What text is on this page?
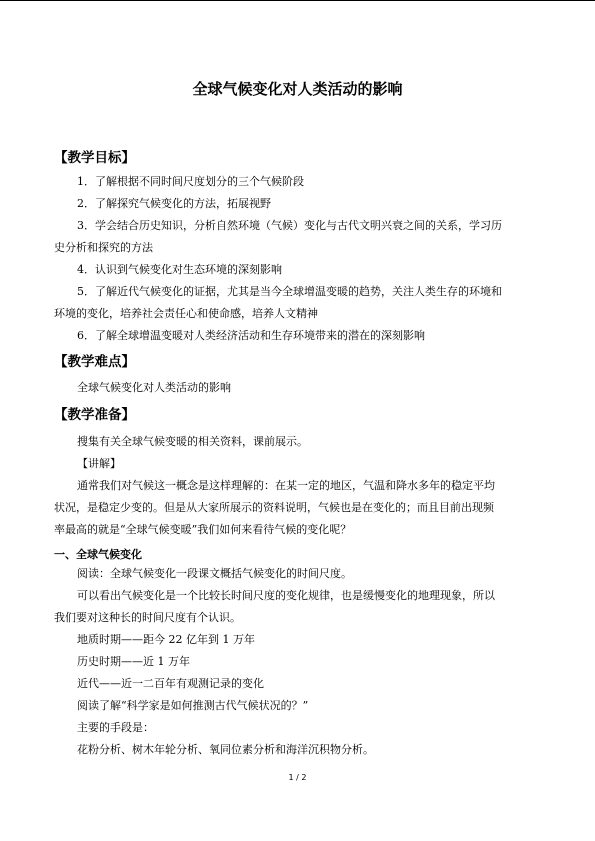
全球气候变化对人类活动的影响
【教学目标】
1．了解根据不同时间尺度划分的三个气候阶段
2．了解探究气候变化的方法，拓展视野
3．学会结合历史知识，分析自然环境（气候）变化与古代文明兴衰之间的关系，学习历
史分析和探究的方法
4．认识到气候变化对生态环境的深刻影响
5．了解近代气候变化的证据，尤其是当今全球增温变暖的趋势，关注人类生存的环境和
环境的变化，培养社会责任心和使命感，培养人文精神
6．了解全球增温变暖对人类经济活动和生存环境带来的潜在的深刻影响
【教学难点】
全球气候变化对人类活动的影响
【教学准备】
搜集有关全球气候变暖的相关资料，课前展示。
【讲解】
通常我们对气候这一概念是这样理解的：在某一定的地区，气温和降水多年的稳定平均
状况，是稳定少变的。但是从大家所展示的资料说明，气候也是在变化的；而且目前出现频
率最高的就是“全球气候变暖”我们如何来看待气候的变化呢？
一、全球气候变化
阅读：全球气候变化一段课文概括气候变化的时间尺度。
可以看出气候变化是一个比较长时间尺度的变化规律，也是缓慢变化的地理现象，所以
我们要对这种长的时间尺度有个认识。
地质时期——距今 22 亿年到 1 万年
历史时期——近 1 万年
近代——近一二百年有观测记录的变化
阅读了解“科学家是如何推测古代气候状况的？”
主要的手段是：
花粉分析、树木年轮分析、氧同位素分析和海洋沉积物分析。
1 / 2
